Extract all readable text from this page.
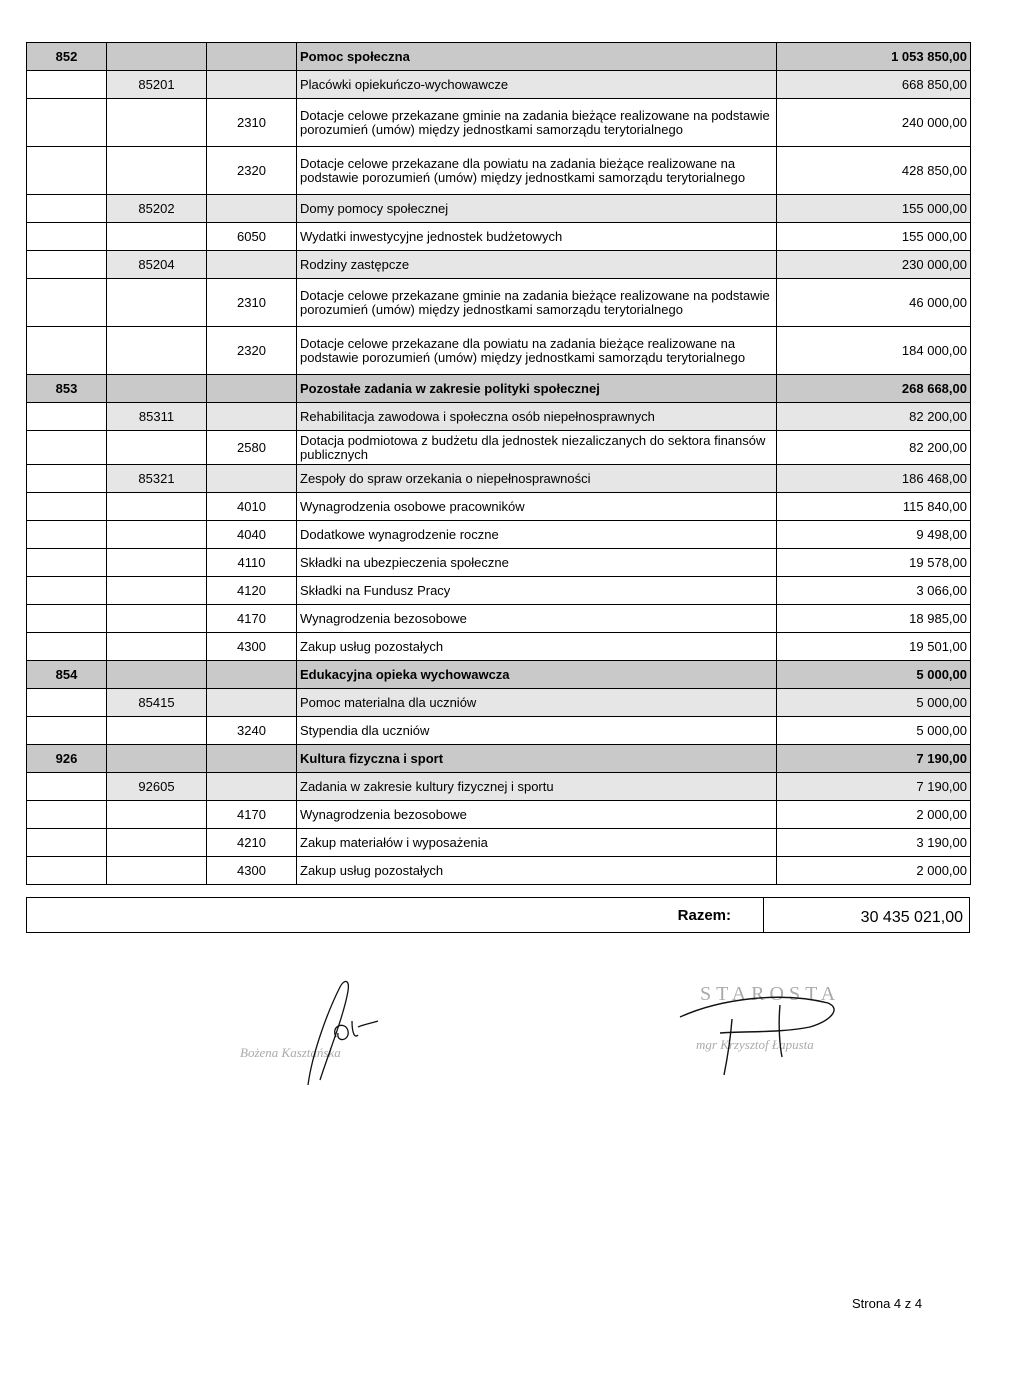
852			Pomoc społeczna	1 053 850,00
	85201		Placówki opiekuńczo-wychowawcze	668 850,00
		2310	Dotacje celowe przekazane gminie na zadania bieżące realizowane na podstawie porozumień (umów) między jednostkami samorządu terytorialnego	240 000,00
		2320	Dotacje celowe przekazane dla powiatu na zadania bieżące realizowane na podstawie porozumień (umów) między jednostkami samorządu terytorialnego	428 850,00
	85202		Domy pomocy społecznej	155 000,00
		6050	Wydatki inwestycyjne jednostek budżetowych	155 000,00
	85204		Rodziny zastępcze	230 000,00
		2310	Dotacje celowe przekazane gminie na zadania bieżące realizowane na podstawie porozumień (umów) między jednostkami samorządu terytorialnego	46 000,00
		2320	Dotacje celowe przekazane dla powiatu na zadania bieżące realizowane na podstawie porozumień (umów) między jednostkami samorządu terytorialnego	184 000,00
853			Pozostałe zadania w zakresie polityki społecznej	268 668,00
	85311		Rehabilitacja zawodowa i społeczna osób niepełnosprawnych	82 200,00
		2580	Dotacja podmiotowa z budżetu dla jednostek niezaliczanych do sektora finansów publicznych	82 200,00
	85321		Zespoły do spraw orzekania o niepełnosprawności	186 468,00
		4010	Wynagrodzenia osobowe pracowników	115 840,00
		4040	Dodatkowe wynagrodzenie roczne	9 498,00
		4110	Składki na ubezpieczenia społeczne	19 578,00
		4120	Składki na Fundusz Pracy	3 066,00
		4170	Wynagrodzenia bezosobowe	18 985,00
		4300	Zakup usług pozostałych	19 501,00
854			Edukacyjna opieka wychowawcza	5 000,00
	85415		Pomoc materialna dla uczniów	5 000,00
		3240	Stypendia dla uczniów	5 000,00
926			Kultura fizyczna i sport	7 190,00
	92605		Zadania w zakresie kultury fizycznej i sportu	7 190,00
		4170	Wynagrodzenia bezosobowe	2 000,00
		4210	Zakup materiałów i wyposażenia	3 190,00
		4300	Zakup usług pozostałych	2 000,00
Razem:	30 435 021,00
Bożena Kasztańska
STAROSTA
mgr Krzysztof Łapusta
Strona 4 z 4
